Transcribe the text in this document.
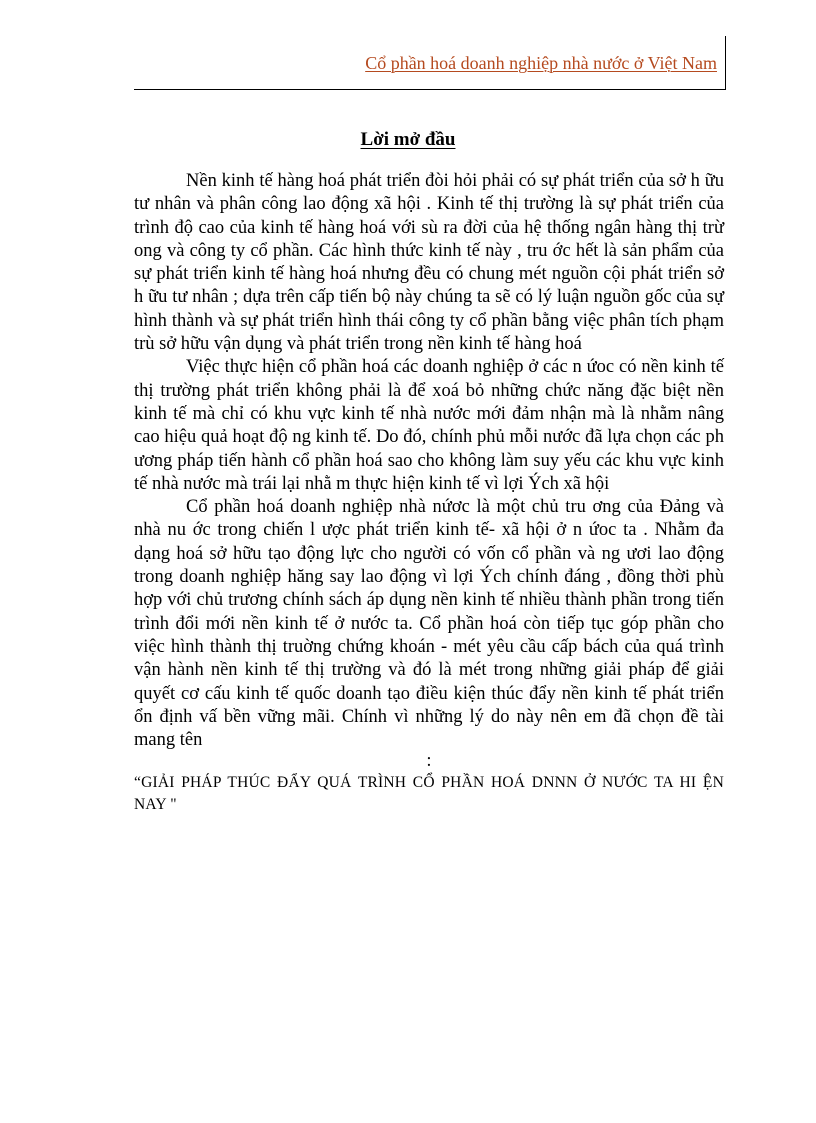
Cổ phần hoá doanh nghiệp nhà nước ở Việt Nam
Lời mở đầu

Nền kinh tế hàng hoá phát triển đòi hỏi phải có sự phát triển của sở h ữu tư nhân và phân công lao động xã hội . Kinh tế thị trường là sự phát triển của trình độ cao của kinh tế hàng hoá với sù ra đời của hệ thống ngân hàng thị trừ ong và công ty cổ phần. Các hình thức kinh tế này , tru ớc hết là sản phẩm của sự phát triển kinh tế hàng hoá nhưng đều có chung mét nguồn cội phát triển sở h ữu tư nhân ; dựa trên cấp tiến bộ này chúng ta sẽ có lý luận nguồn gốc của sự hình thành và sự phát triển hình thái công ty cổ phần bằng việc phân tích phạm trù sở hữu vận dụng và phát triển trong nền kinh tế hàng hoá

Việc thực hiện cổ phần hoá các doanh nghiệp ở các n ứoc có nền kinh tế thị trường phát triển không phải là để xoá bỏ những chức năng đặc biệt nền kinh tế mà chỉ có khu vực kinh tế nhà nước mới đảm nhận mà là nhằm nâng cao hiệu quả hoạt độ ng kinh tế. Do đó, chính phủ mỗi nước đã lựa chọn các ph ương pháp tiến hành cổ phần hoá sao cho không làm suy yếu các khu vực kinh tế nhà nước mà trái lại nhằ m thực hiện kinh tế vì lợi Ých xã hội

Cổ phần hoá doanh nghiệp nhà nứơc là một chủ tru ơng của Đảng và nhà nu ớc trong chiến l ược phát triển kinh tế- xã hội ở n ứoc ta . Nhằm đa dạng hoá sở hữu tạo động lực cho người có vốn cổ phần và ng ươi lao động trong doanh nghiệp hăng say lao động vì lợi Ých chính đáng , đồng thời phù hợp với chủ trương chính sách áp dụng nền kinh tế nhiều thành phần trong tiến trình đổi mới nền kinh tế ở nước ta. Cổ phần hoá còn tiếp tục góp phần cho việc hình thành thị truờng chứng khoán - mét yêu cầu cấp bách của quá trình vận hành nền kinh tế thị trường và đó là mét trong những giải pháp để giải quyết cơ cấu kinh tế quốc doanh tạo điều kiện thúc đẩy nền kinh tế phát triển ổn định vấ bền vững mãi. Chính vì những lý do này nên em đã chọn đề tài mang tên

:

“GIẢI PHÁP THÚC ĐẨY QUÁ TRÌNH CỔ PHẦN HOÁ DNNN Ở NƯỚC TA HI ỆN NAY "
